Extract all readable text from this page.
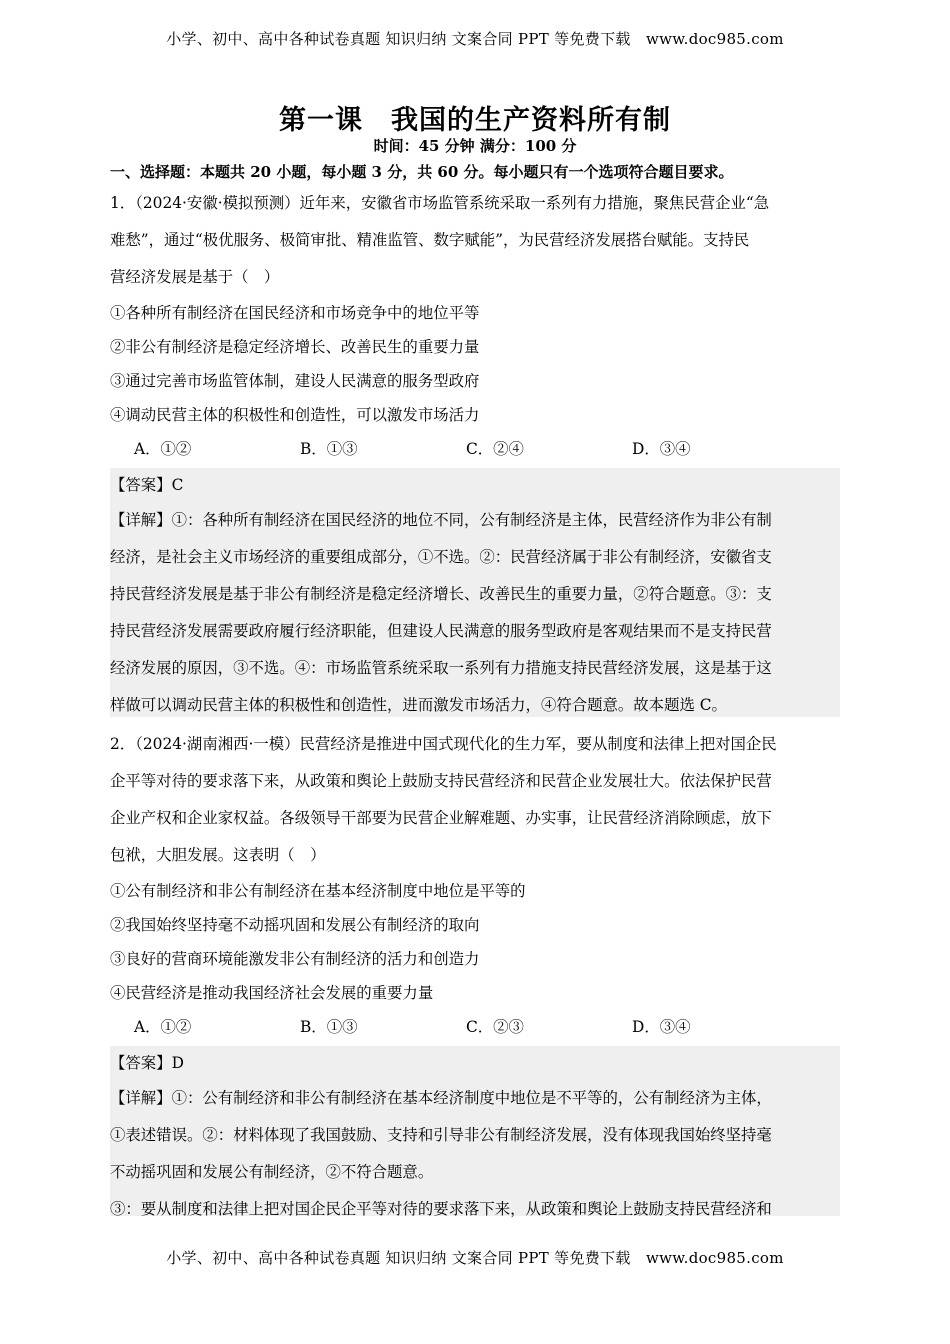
小学、初中、高中各种试卷真题 知识归纳 文案合同 PPT 等免费下载　www.doc985.com
第一课　我国的生产资料所有制
时间：45 分钟 满分：100 分
一、选择题：本题共 20 小题，每小题 3 分，共 60 分。每小题只有一个选项符合题目要求。
1．（2024·安徽·模拟预测）近年来，安徽省市场监管系统采取一系列有力措施，聚焦民营企业“急
难愁”，通过“极优服务、极简审批、精准监管、数字赋能”，为民营经济发展搭台赋能。支持民
营经济发展是基于（　）
①各种所有制经济在国民经济和市场竞争中的地位平等
②非公有制经济是稳定经济增长、改善民生的重要力量
③通过完善市场监管体制，建设人民满意的服务型政府
④调动民营主体的积极性和创造性，可以激发市场活力
A．①②	B．①③	C．②④	D．③④
【答案】C
【详解】①：各种所有制经济在国民经济的地位不同，公有制经济是主体，民营经济作为非公有制
经济，是社会主义市场经济的重要组成部分，①不选。②：民营经济属于非公有制经济，安徽省支
持民营经济发展是基于非公有制经济是稳定经济增长、改善民生的重要力量，②符合题意。③：支
持民营经济发展需要政府履行经济职能，但建设人民满意的服务型政府是客观结果而不是支持民营
经济发展的原因，③不选。④：市场监管系统采取一系列有力措施支持民营经济发展，这是基于这
样做可以调动民营主体的积极性和创造性，进而激发市场活力，④符合题意。故本题选 C。
2．（2024·湖南湘西·一模）民营经济是推进中国式现代化的生力军，要从制度和法律上把对国企民
企平等对待的要求落下来，从政策和舆论上鼓励支持民营经济和民营企业发展壮大。依法保护民营
企业产权和企业家权益。各级领导干部要为民营企业解难题、办实事，让民营经济消除顾虑，放下
包袱，大胆发展。这表明（　）
①公有制经济和非公有制经济在基本经济制度中地位是平等的
②我国始终坚持毫不动摇巩固和发展公有制经济的取向
③良好的营商环境能激发非公有制经济的活力和创造力
④民营经济是推动我国经济社会发展的重要力量
A．①②	B．①③	C．②③	D．③④
【答案】D
【详解】①：公有制经济和非公有制经济在基本经济制度中地位是不平等的，公有制经济为主体，
①表述错误。②：材料体现了我国鼓励、支持和引导非公有制经济发展，没有体现我国始终坚持毫
不动摇巩固和发展公有制经济，②不符合题意。
③：要从制度和法律上把对国企民企平等对待的要求落下来，从政策和舆论上鼓励支持民营经济和
小学、初中、高中各种试卷真题 知识归纳 文案合同 PPT 等免费下载　www.doc985.com
